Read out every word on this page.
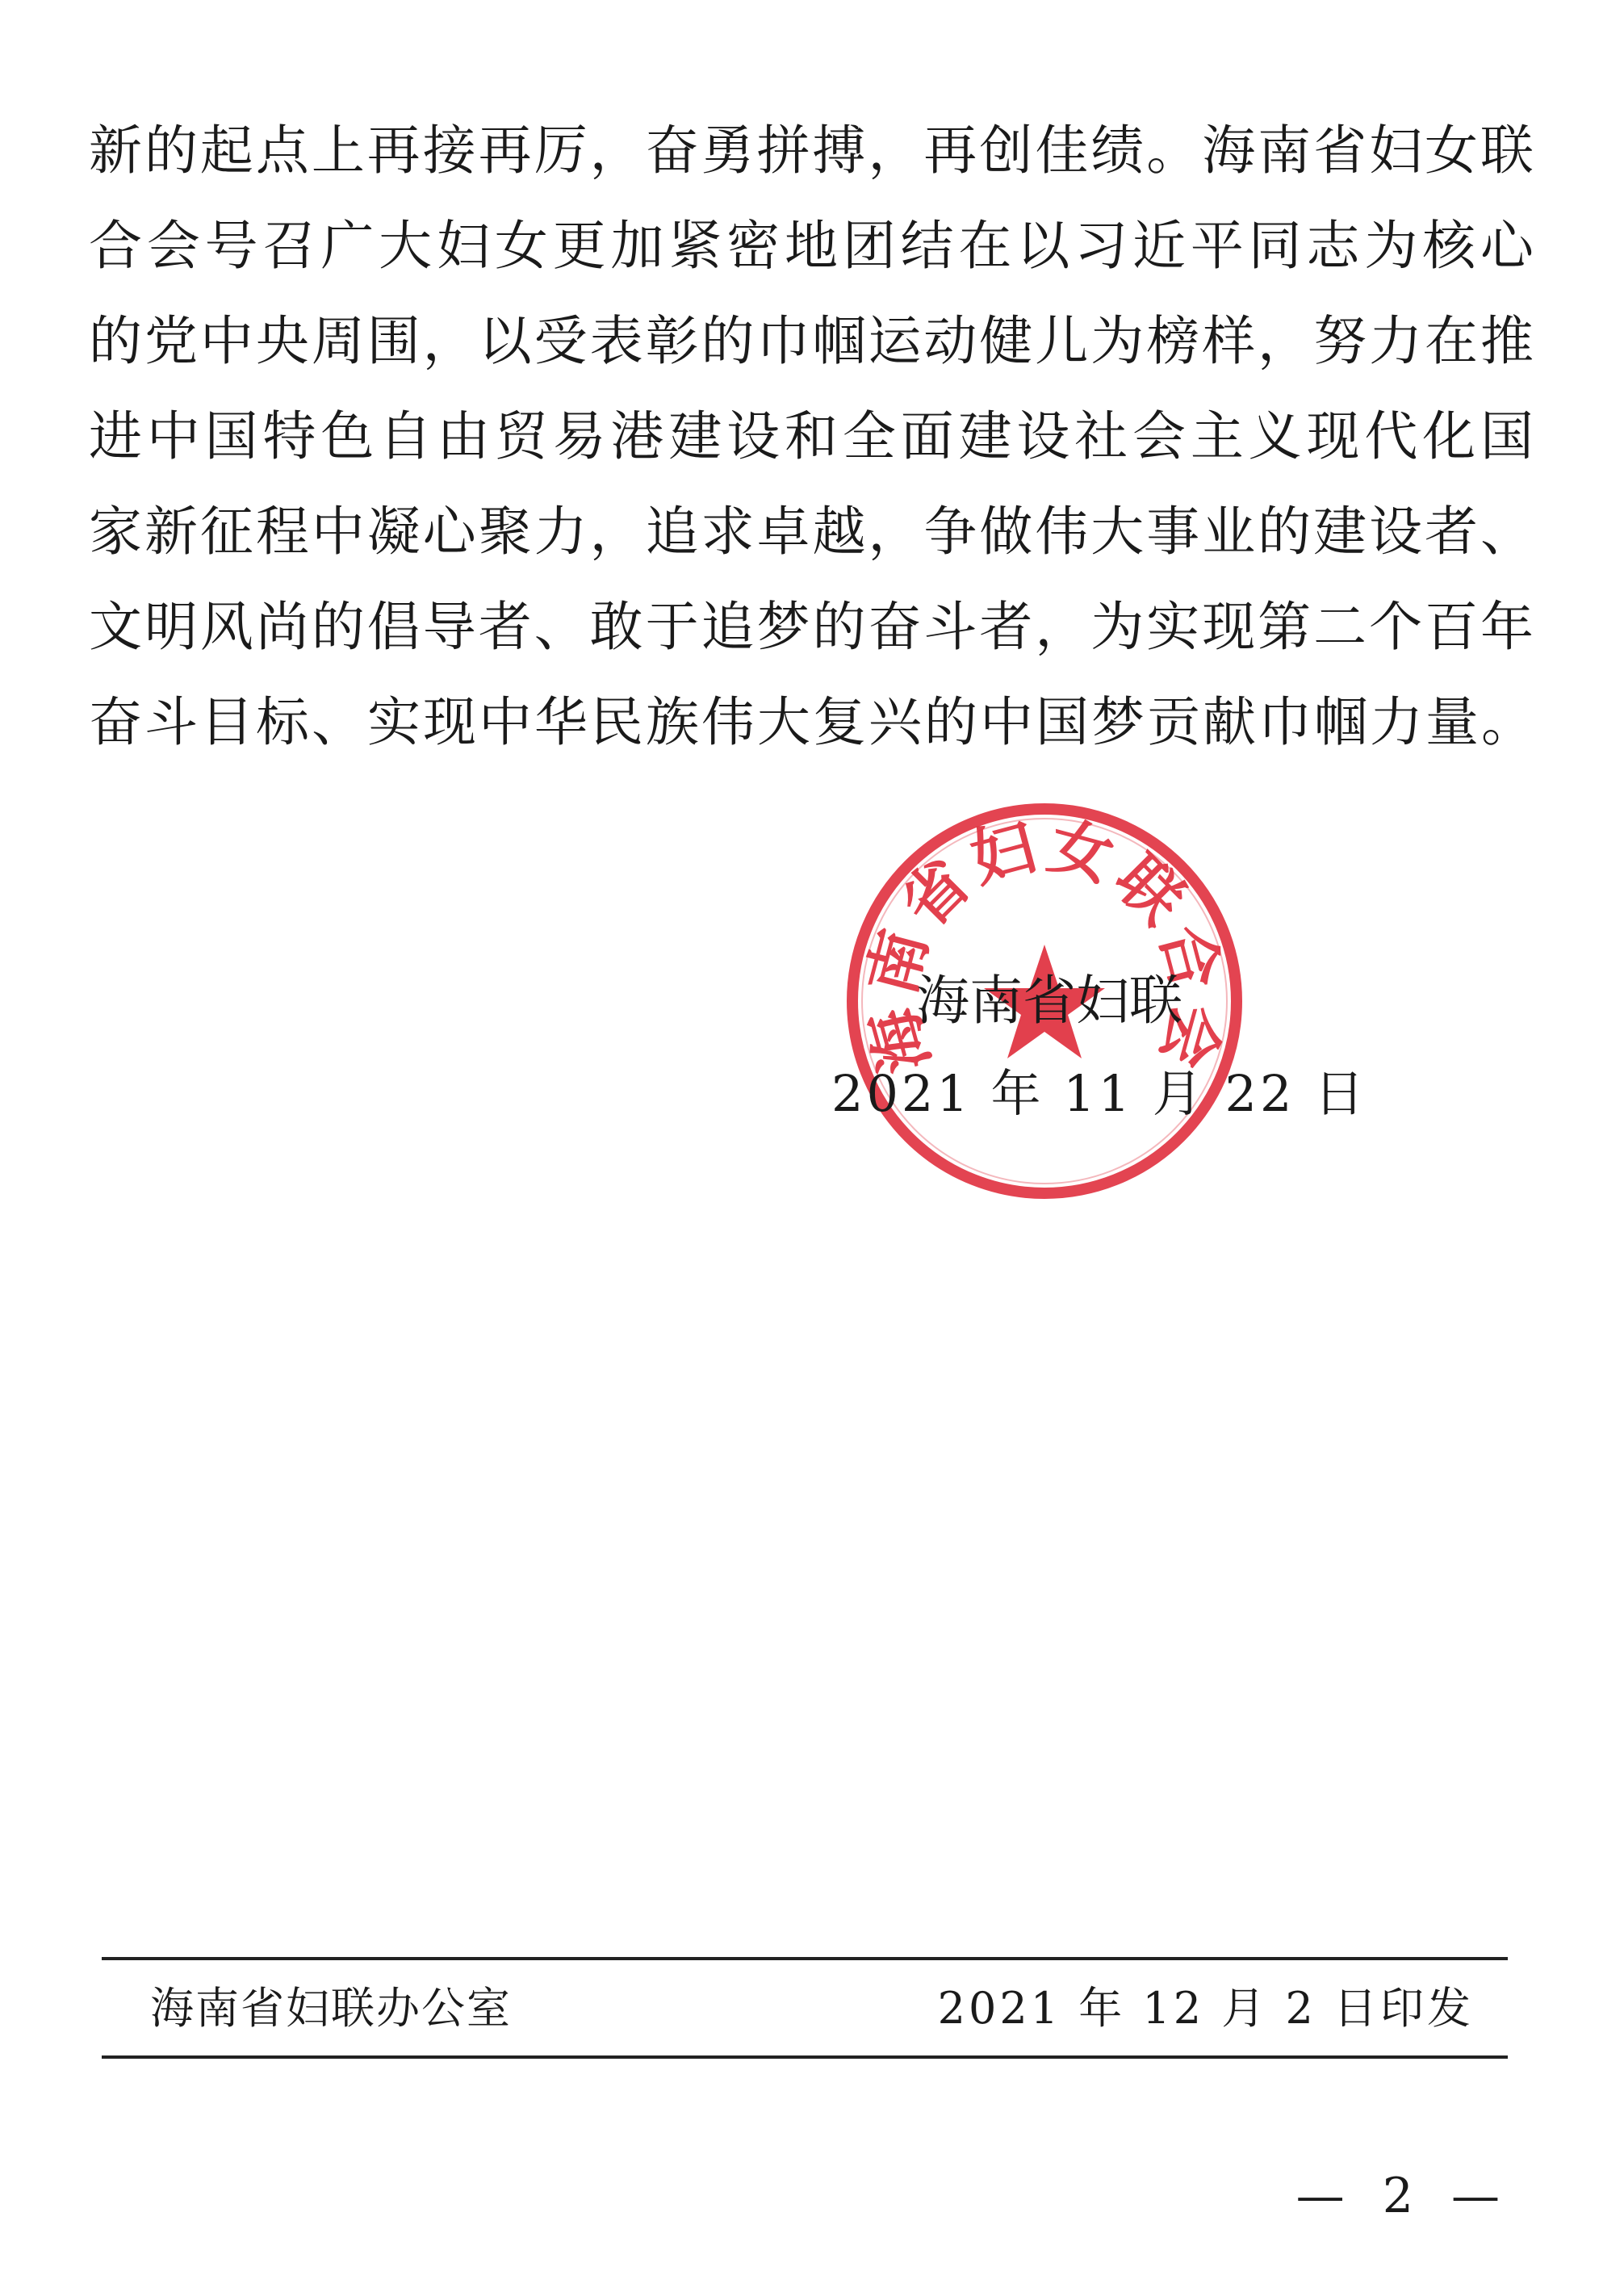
新的起点上再接再厉，奋勇拼搏，再创佳绩。海南省妇女联
合会号召广大妇女更加紧密地团结在以习近平同志为核心
的党中央周围，以受表彰的巾帼运动健儿为榜样，努力在推
进中国特色自由贸易港建设和全面建设社会主义现代化国
家新征程中凝心聚力，追求卓越，争做伟大事业的建设者、
文明风尚的倡导者、敢于追梦的奋斗者，为实现第二个百年
奋斗目标、实现中华民族伟大复兴的中国梦贡献巾帼力量。
海南省妇女联合会
海南省妇联
2021 年 11 月 22 日
海南省妇联办公室	2021 年 12 月 2 日印发
— 2 —
